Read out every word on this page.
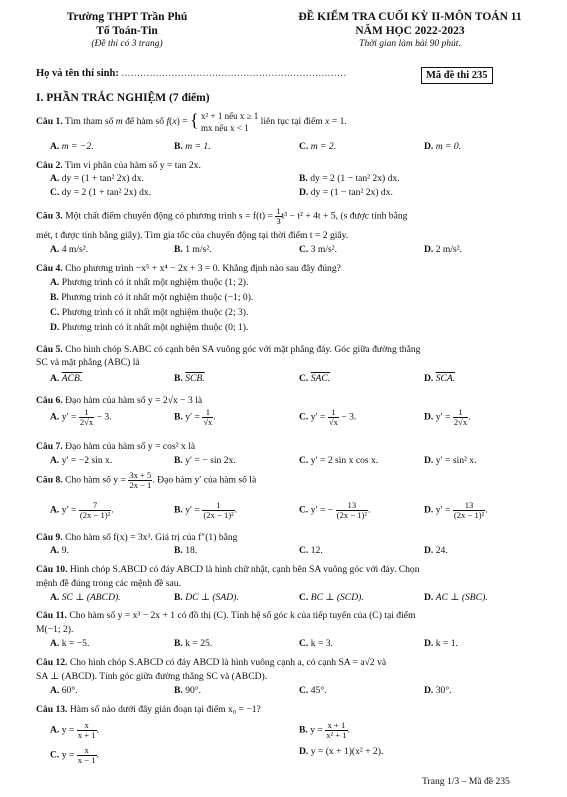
Trường THPT Trần Phú
Tổ Toán-Tin
(Đề thi có 3 trang)
ĐỀ KIỂM TRA CUỐI KỲ II-MÔN TOÁN 11
NĂM HỌC 2022-2023
Thời gian làm bài 90 phút.
Họ và tên thí sinh: ........................................................................	Mã đề thi 235
I. PHẦN TRẮC NGHIỆM (7 điểm)
Câu 1. Tìm tham số m để hàm số f(x) = { x² + 1 nếu x ≥ 1
mx nếu x < 1
liên tục tại điểm x = 1.
A. m = −2.	B. m = 1.	C. m = 2.	D. m = 0.
Câu 2. Tìm vi phân của hàm số y = tan 2x.
A. dy = (1 + tan² 2x) dx.	B. dy = 2 (1 − tan² 2x) dx.
C. dy = 2 (1 + tan² 2x) dx.	D. dy = (1 − tan² 2x) dx.
Câu 3. Một chất điểm chuyển động có phương trình $s = f(t) = \frac{1}{3} t^3 - t^2 + 4t + 5$, (s được tính bằng
mét, t được tính bằng giây). Tìm gia tốc của chuyển động tại thời điểm t = 2 giây.
A. 4 m/s².	B. 1 m/s².	C. 3 m/s².	D. 2 m/s².
Câu 4. Cho phương trình −x⁵ + x⁴ − 2x + 3 = 0. Khẳng định nào sau đây đúng?
A. Phương trình có ít nhất một nghiệm thuộc (1; 2).
B. Phương trình có ít nhất một nghiệm thuộc (−1; 0).
C. Phương trình có ít nhất một nghiệm thuộc (2; 3).
D. Phương trình có ít nhất một nghiệm thuộc (0; 1).
Câu 5. Cho hình chóp S.ABC có cạnh bên SA vuông góc với mặt phẳng đáy. Góc giữa đường thẳng
SC và mặt phẳng (ABC) là
A. ACB.	B. SCB.	C. SAC.	D. SCA.
Câu 6. Đạo hàm của hàm số y = 2√x − 3 là
A. $y' = \frac{1}{2√x} - 3$.	B. $y' = \frac{1}{√x}$ .	C. $y' = \frac{1}{√x} - 3$.	D. $y' = \frac{1}{2√x}$ .
Câu 7. Đạo hàm của hàm số y = cos² x là
A. y′ = −2 sin x.	B. y′ = − sin 2x.	C. y′ = 2 sin x cos x.	D. y′ = sin² x.
Câu 8. Cho hàm số $y = \frac{3x + 5}{2x - 1}$ . Đạo hàm y′ của hàm số là
A. $y' = \frac{7}{\text{(2x − 1)²}}$ .	B. $y' = \frac{1}{\text{(2x − 1)²}}$ .	C. y′ = − $\frac{13}{\text{(2x − 1)²}}$ .	D. $y' = \frac{13}{\text{(2x − 1)²}}$ .
Câu 9. Cho hàm số f(x) = 3x³. Giá trị của f″(1) bằng
A. 9.	B. 18.	C. 12.	D. 24.
Câu 10. Hình chóp S.ABCD có đáy ABCD là hình chữ nhật, cạnh bên SA vuông góc với đáy. Chọn
mệnh đề đúng trong các mệnh đề sau.
A. SC ⊥ (ABCD).	B. DC ⊥ (SAD).	C. BC ⊥ (SCD).	D. AC ⊥ (SBC).
Câu 11. Cho hàm số y = x³ − 2x + 1 có đồ thị (C). Tính hệ số góc k của tiếp tuyến của (C) tại điểm
M(−1; 2).
A. k = −5.	B. k = 25.	C. k = 3.	D. k = 1.
Câu 12. Cho hình chóp S.ABCD có đáy ABCD là hình vuông cạnh a, có cạnh SA = a√2 và
SA ⊥ (ABCD). Tính góc giữa đường thẳng SC và (ABCD).
A. 60°.	B. 90°.	C. 45°.	D. 30°.
Câu 13. Hàm số nào dưới đây gián đoạn tại điểm x₀ = −1?
A. $y = \frac{x}{x + 1}$ .	B. $y = \frac{x + 1}{\text{x² + 1}}$ .
C. $y = \frac{x}{x - 1}$ .	D. y = (x + 1)(x² + 2).
Trang 1/3 – Mã đề 235
